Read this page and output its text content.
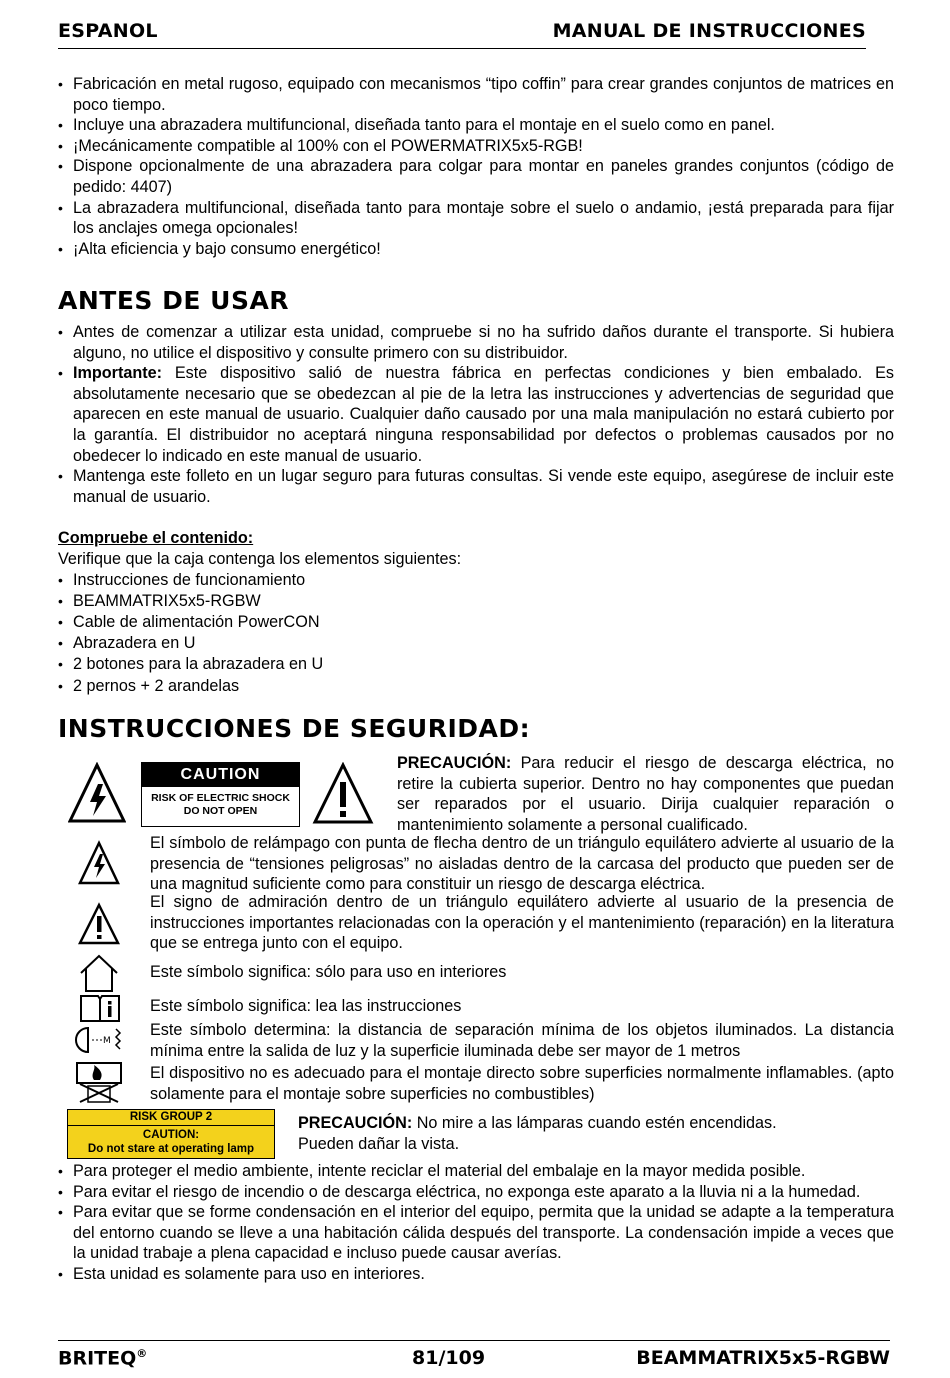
ESPANOL	MANUAL DE INSTRUCCIONES
• Fabricación en metal rugoso, equipado con mecanismos “tipo coffin” para crear grandes conjuntos de matrices en poco tiempo.
• Incluye una abrazadera multifuncional, diseñada tanto para el montaje en el suelo como en panel.
• ¡Mecánicamente compatible al 100% con el POWERMATRIX5x5-RGB!
• Dispone opcionalmente de una abrazadera para colgar para montar en paneles grandes conjuntos (código de pedido: 4407)
• La abrazadera multifuncional, diseñada tanto para montaje sobre el suelo o andamio, ¡está preparada para fijar los anclajes omega opcionales!
• ¡Alta eficiencia y bajo consumo energético!
ANTES DE USAR
• Antes de comenzar a utilizar esta unidad, compruebe si no ha sufrido daños durante el transporte. Si hubiera alguno, no utilice el dispositivo y consulte primero con su distribuidor.
• Importante: Este dispositivo salió de nuestra fábrica en perfectas condiciones y bien embalado. Es absolutamente necesario que se obedezcan al pie de la letra las instrucciones y advertencias de seguridad que aparecen en este manual de usuario. Cualquier daño causado por una mala manipulación no estará cubierto por la garantía. El distribuidor no aceptará ninguna responsabilidad por defectos o problemas causados por no obedecer lo indicado en este manual de usuario.
• Mantenga este folleto en un lugar seguro para futuras consultas. Si vende este equipo, asegúrese de incluir este manual de usuario.
Compruebe el contenido:
Verifique que la caja contenga los elementos siguientes:
• Instrucciones de funcionamiento
• BEAMMATRIX5x5-RGBW
• Cable de alimentación PowerCON
• Abrazadera en U
• 2 botones para la abrazadera en U
• 2 pernos + 2 arandelas
INSTRUCCIONES DE SEGURIDAD:
CAUTION
RISK OF ELECTRIC SHOCK
DO NOT OPEN
PRECAUCIÓN: Para reducir el riesgo de descarga eléctrica, no retire la cubierta superior. Dentro no hay componentes que puedan ser reparados por el usuario. Dirija cualquier reparación o mantenimiento solamente a personal cualificado.
El símbolo de relámpago con punta de flecha dentro de un triángulo equilátero advierte al usuario de la presencia de “tensiones peligrosas” no aisladas dentro de la carcasa del producto que pueden ser de una magnitud suficiente como para constituir un riesgo de descarga eléctrica.
El signo de admiración dentro de un triángulo equilátero advierte al usuario de la presencia de instrucciones importantes relacionadas con la operación y el mantenimiento (reparación) en la literatura que se entrega junto con el equipo.
Este símbolo significa: sólo para uso en interiores
Este símbolo significa: lea las instrucciones
M
Este símbolo determina: la distancia de separación mínima de los objetos iluminados. La distancia mínima entre la salida de luz y la superficie iluminada debe ser mayor de 1 metros
El dispositivo no es adecuado para el montaje directo sobre superficies normalmente inflamables. (apto solamente para el montaje sobre superficies no combustibles)
RISK GROUP 2
CAUTION:
Do not stare at operating lamp
PRECAUCIÓN: No mire a las lámparas cuando estén encendidas.
Pueden dañar la vista.
• Para proteger el medio ambiente, intente reciclar el material del embalaje en la mayor medida posible.
• Para evitar el riesgo de incendio o de descarga eléctrica, no exponga este aparato a la lluvia ni a la humedad.
• Para evitar que se forme condensación en el interior del equipo, permita que la unidad se adapte a la temperatura del entorno cuando se lleve a una habitación cálida después del transporte. La condensación impide a veces que la unidad trabaje a plena capacidad e incluso puede causar averías.
• Esta unidad es solamente para uso en interiores.
BRITEQ®	81/109	BEAMMATRIX5x5-RGBW
